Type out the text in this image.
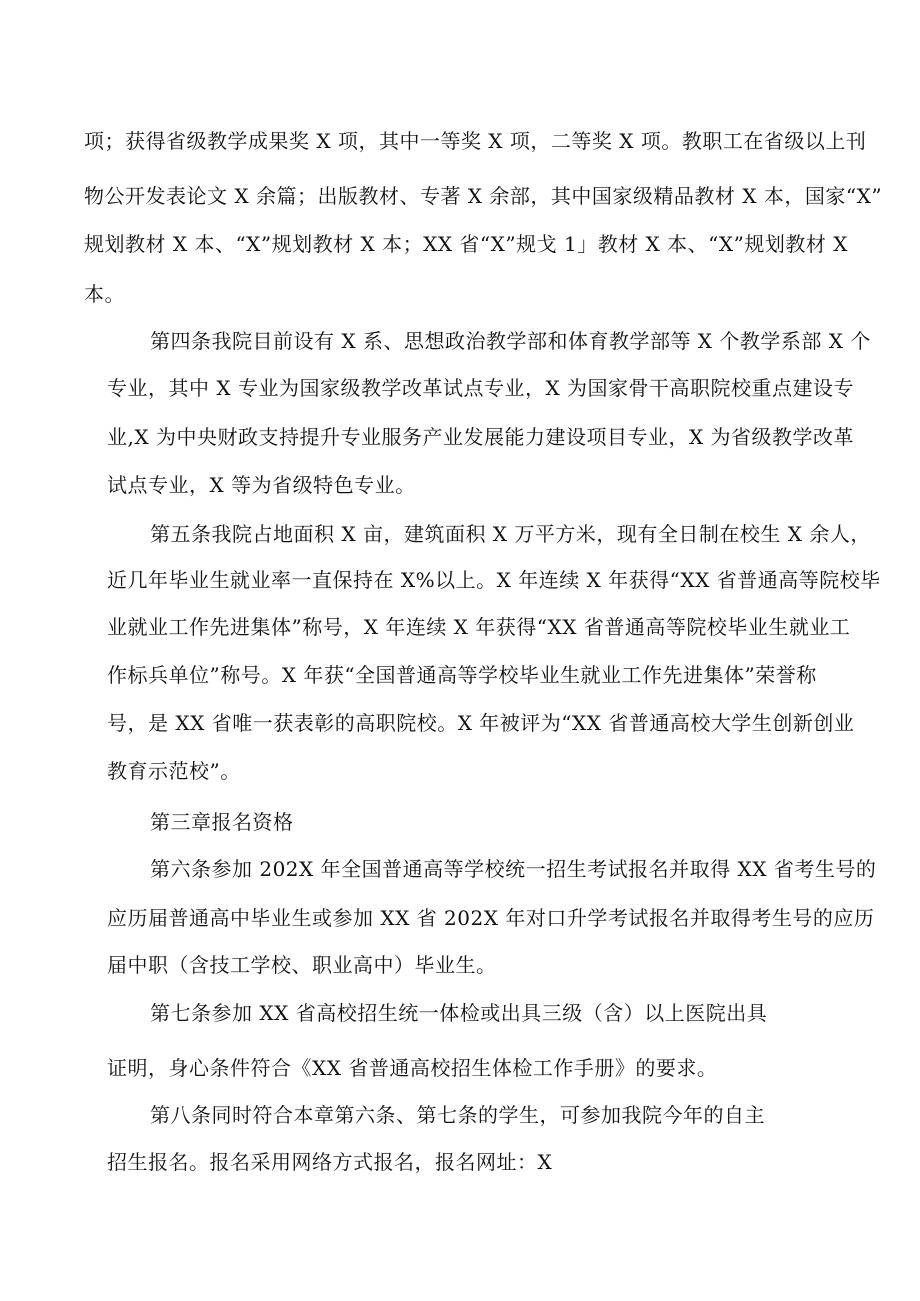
项；获得省级教学成果奖 X 项，其中一等奖 X 项，二等奖 X 项。教职工在省级以上刊
物公开发表论文 X 余篇；出版教材、专著 X 余部，其中国家级精品教材 X 本，国家“X”
规划教材 X 本、“X”规划教材 X 本；XX 省“X”规戈 1」教材 X 本、“X”规划教材 X
本。
第四条我院目前设有 X 系、思想政治教学部和体育教学部等 X 个教学系部 X 个
专业，其中 X 专业为国家级教学改革试点专业，X 为国家骨干高职院校重点建设专
业,X 为中央财政支持提升专业服务产业发展能力建设项目专业，X 为省级教学改革
试点专业，X 等为省级特色专业。
第五条我院占地面积 X 亩，建筑面积 X 万平方米，现有全日制在校生 X 余人，
近几年毕业生就业率一直保持在 X%以上。X 年连续 X 年获得“XX 省普通高等院校毕
业就业工作先进集体”称号，X 年连续 X 年获得“XX 省普通高等院校毕业生就业工
作标兵单位”称号。X 年获“全国普通高等学校毕业生就业工作先进集体”荣誉称
号，是 XX 省唯一获表彰的高职院校。X 年被评为“XX 省普通高校大学生创新创业
教育示范校”。
第三章报名资格
第六条参加 202X 年全国普通高等学校统一招生考试报名并取得 XX 省考生号的
应历届普通高中毕业生或参加 XX 省 202X 年对口升学考试报名并取得考生号的应历
届中职（含技工学校、职业高中）毕业生。
第七条参加 XX 省高校招生统一体检或出具三级（含）以上医院出具
证明，身心条件符合《XX 省普通高校招生体检工作手册》的要求。
第八条同时符合本章第六条、第七条的学生，可参加我院今年的自主
招生报名。报名采用网络方式报名，报名网址：X
